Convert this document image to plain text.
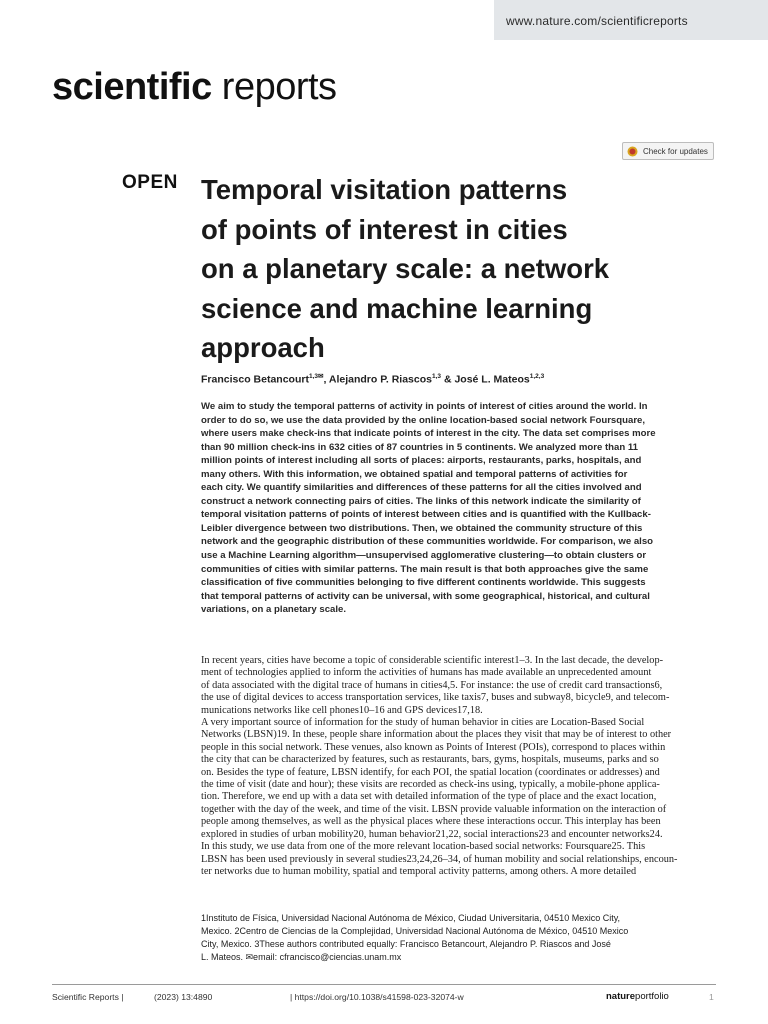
www.nature.com/scientificreports
scientific reports
Check for updates
OPEN Temporal visitation patterns
of points of interest in cities
on a planetary scale: a network
science and machine learning
approach
Francisco Betancourt$^{1,3✉}$, Alejandro P. Riascos$^{1,3}$ & José L. Mateos$^{1,2,3}$
We aim to study the temporal patterns of activity in points of interest of cities around the world. In
order to do so, we use the data provided by the online location-based social network Foursquare,
where users make check-ins that indicate points of interest in the city. The data set comprises more
than 90 million check-ins in 632 cities of 87 countries in 5 continents. We analyzed more than 11
million points of interest including all sorts of places: airports, restaurants, parks, hospitals, and
many others. With this information, we obtained spatial and temporal patterns of activities for
each city. We quantify similarities and differences of these patterns for all the cities involved and
construct a network connecting pairs of cities. The links of this network indicate the similarity of
temporal visitation patterns of points of interest between cities and is quantified with the Kullback-
Leibler divergence between two distributions. Then, we obtained the community structure of this
network and the geographic distribution of these communities worldwide. For comparison, we also
use a Machine Learning algorithm—unsupervised agglomerative clustering—to obtain clusters or
communities of cities with similar patterns. The main result is that both approaches give the same
classification of five communities belonging to five different continents worldwide. This suggests
that temporal patterns of activity can be universal, with some geographical, historical, and cultural
variations, on a planetary scale.
In recent years, cities have become a topic of considerable scientific interest1–3. In the last decade, the develop-
ment of technologies applied to inform the activities of humans has made available an unprecedented amount
of data associated with the digital trace of humans in cities4,5. For instance: the use of credit card transactions6,
the use of digital devices to access transportation services, like taxis7, buses and subway8, bicycle9, and telecom-
munications networks like cell phones10–16 and GPS devices17,18.
A very important source of information for the study of human behavior in cities are Location-Based Social
Networks (LBSN)19. In these, people share information about the places they visit that may be of interest to other
people in this social network. These venues, also known as Points of Interest (POIs), correspond to places within
the city that can be characterized by features, such as restaurants, bars, gyms, hospitals, museums, parks and so
on. Besides the type of feature, LBSN identify, for each POI, the spatial location (coordinates or addresses) and
the time of visit (date and hour); these visits are recorded as check-ins using, typically, a mobile-phone applica-
tion. Therefore, we end up with a data set with detailed information of the type of place and the exact location,
together with the day of the week, and time of the visit. LBSN provide valuable information on the interaction of
people among themselves, as well as the physical places where these interactions occur. This interplay has been
explored in studies of urban mobility20, human behavior21,22, social interactions23 and encounter networks24.
In this study, we use data from one of the more relevant location-based social networks: Foursquare25. This
LBSN has been used previously in several studies23,24,26–34, of human mobility and social relationships, encoun-
ter networks due to human mobility, spatial and temporal activity patterns, among others. A more detailed
1Instituto de Física, Universidad Nacional Autónoma de México, Ciudad Universitaria, 04510 Mexico City,
Mexico. 2Centro de Ciencias de la Complejidad, Universidad Nacional Autónoma de México, 04510 Mexico
City, Mexico. 3These authors contributed equally: Francisco Betancourt, Alejandro P. Riascos and José
L. Mateos. ✉email: cfrancisco@ciencias.unam.mx
Scientific Reports |	(2023) 13:4890	| https://doi.org/10.1038/s41598-023-32074-w	natureportfolio	1
